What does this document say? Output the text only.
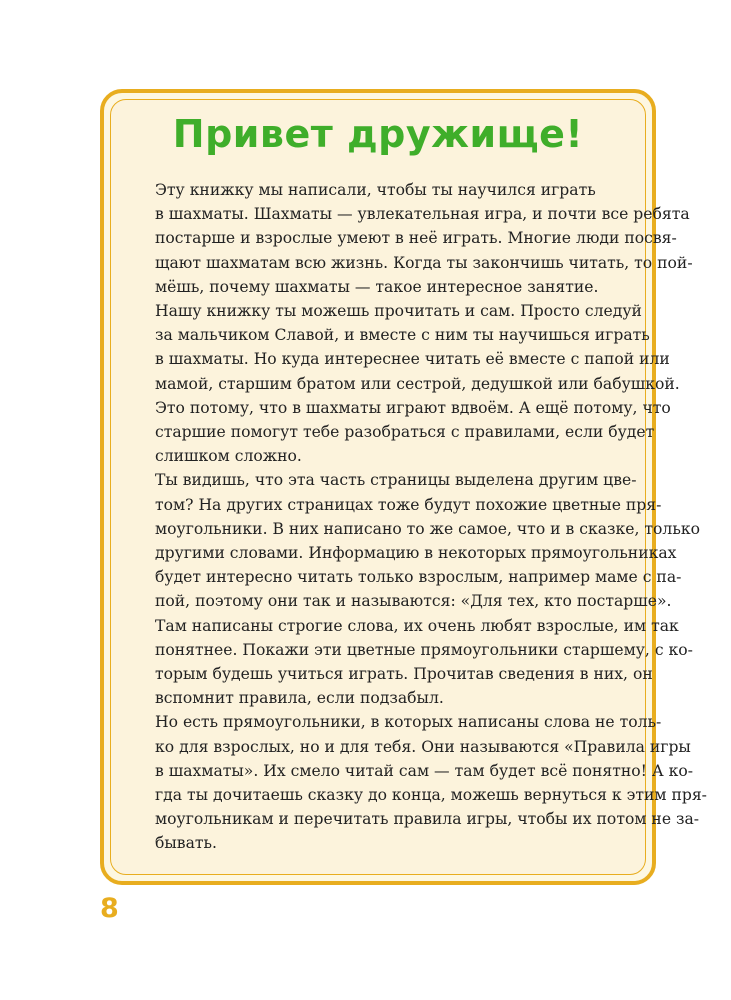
Привет дружище!

Эту книжку мы написали, чтобы ты научился играть
в шахматы. Шахматы — увлекательная игра, и почти все ребята
постарше и взрослые умеют в неё играть. Многие люди посвя-
щают шахматам всю жизнь. Когда ты закончишь читать, то пой-
мёшь, почему шахматы — такое интересное занятие.

Нашу книжку ты можешь прочитать и сам. Просто следуй
за мальчиком Славой, и вместе с ним ты научишься играть
в шахматы. Но куда интереснее читать её вместе с папой или
мамой, старшим братом или сестрой, дедушкой или бабушкой.
Это потому, что в шахматы играют вдвоём. А ещё потому, что
старшие помогут тебе разобраться с правилами, если будет
слишком сложно.

Ты видишь, что эта часть страницы выделена другим цве-
том? На других страницах тоже будут похожие цветные пря-
моугольники. В них написано то же самое, что и в сказке, только
другими словами. Информацию в некоторых прямоугольниках
будет интересно читать только взрослым, например маме с па-
пой, поэтому они так и называются: «Для тех, кто постарше».
Там написаны строгие слова, их очень любят взрослые, им так
понятнее. Покажи эти цветные прямоугольники старшему, с ко-
торым будешь учиться играть. Прочитав сведения в них, он
вспомнит правила, если подзабыл.

Но есть прямоугольники, в которых написаны слова не толь-
ко для взрослых, но и для тебя. Они называются «Правила игры
в шахматы». Их смело читай сам — там будет всё понятно! А ко-
гда ты дочитаешь сказку до конца, можешь вернуться к этим пря-
моугольникам и перечитать правила игры, чтобы их потом не за-
бывать.

8
